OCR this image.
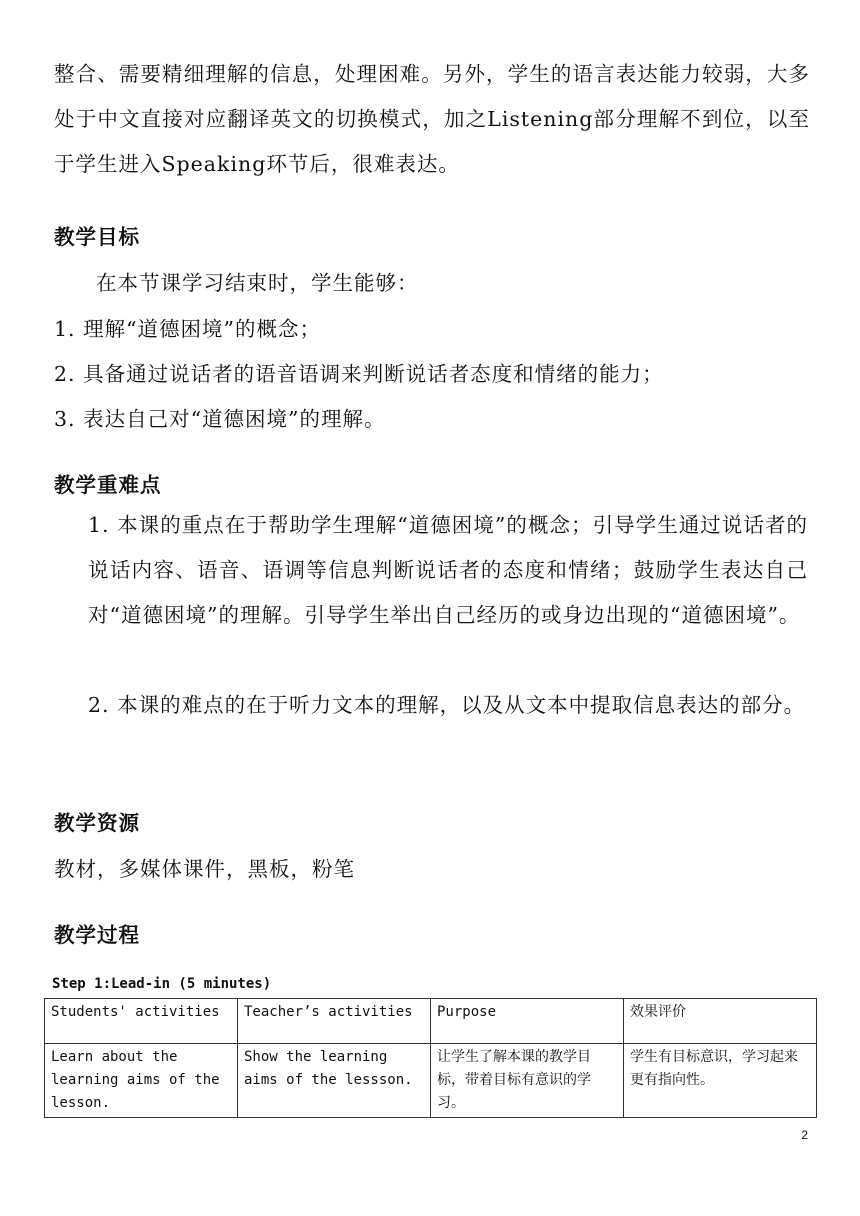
整合、需要精细理解的信息，处理困难。另外，学生的语言表达能力较弱，大多处于中文直接对应翻译英文的切换模式，加之Listening部分理解不到位，以至于学生进入Speaking环节后，很难表达。
教学目标
在本节课学习结束时，学生能够：
1. 理解“道德困境”的概念；
2. 具备通过说话者的语音语调来判断说话者态度和情绪的能力；
3. 表达自己对“道德困境”的理解。
教学重难点
1. 本课的重点在于帮助学生理解“道德困境”的概念；引导学生通过说话者的说话内容、语音、语调等信息判断说话者的态度和情绪；鼓励学生表达自己对“道德困境”的理解。引导学生举出自己经历的或身边出现的“道德困境”。
2. 本课的难点的在于听力文本的理解，以及从文本中提取信息表达的部分。
教学资源
教材，多媒体课件，黑板，粉笔
教学过程
Step 1:Lead-in (5 minutes)
Students' activities	Teacher’s activities	Purpose	效果评价
Learn about the learning aims of the lesson.	Show the learning aims of the lessson.	让学生了解本课的教学目标，带着目标有意识的学习。	学生有目标意识，学习起来更有指向性。
2
